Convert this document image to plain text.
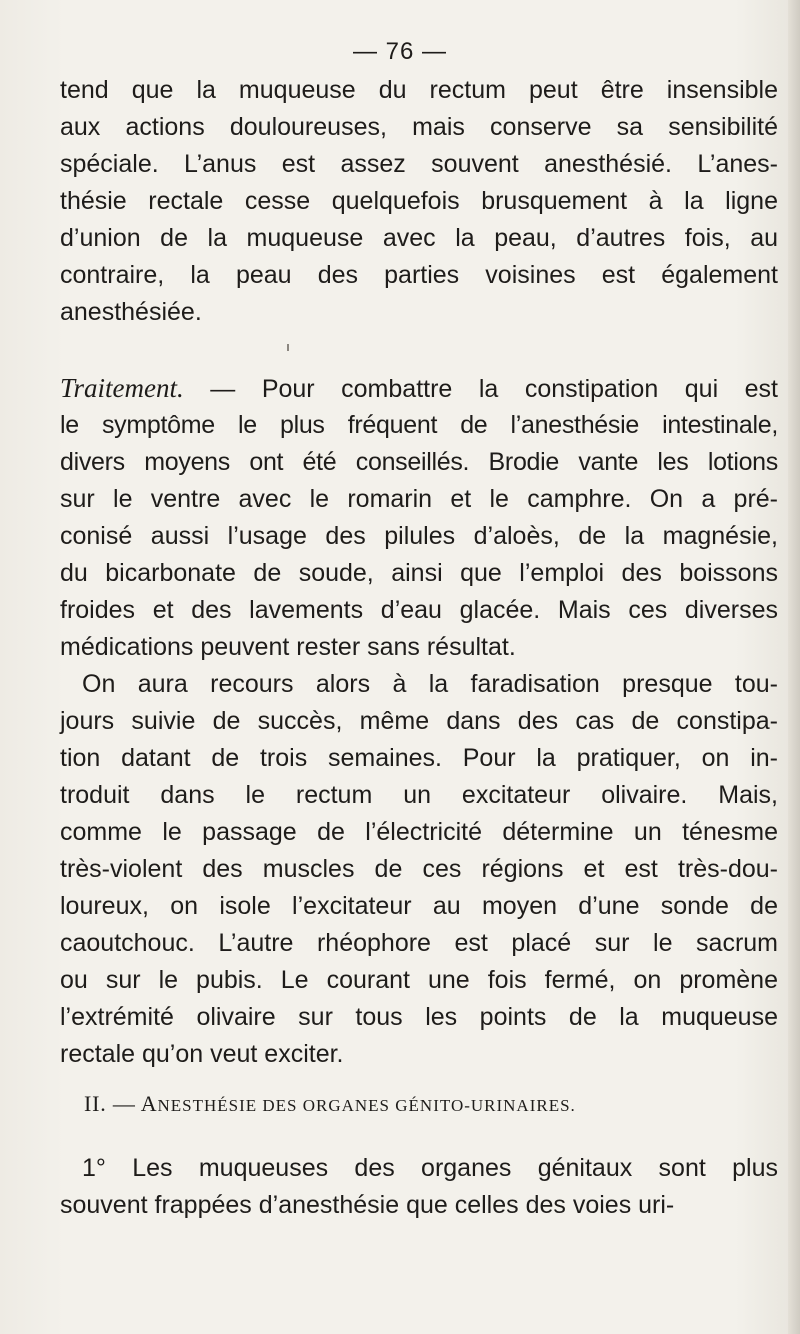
— 76 —
tend que la muqueuse du rectum peut être insensible
aux actions douloureuses, mais conserve sa sensibilité
spéciale. L’anus est assez souvent anesthésié. L’anes-
thésie rectale cesse quelquefois brusquement à la ligne
d’union de la muqueuse avec la peau, d’autres fois, au
contraire, la peau des parties voisines est également
anesthésiée.
Traitement. — Pour combattre la constipation qui est
le symptôme le plus fréquent de l’anesthésie intestinale,
divers moyens ont été conseillés. Brodie vante les lotions
sur le ventre avec le romarin et le camphre. On a pré-
conisé aussi l’usage des pilules d’aloès, de la magnésie,
du bicarbonate de soude, ainsi que l’emploi des boissons
froides et des lavements d’eau glacée. Mais ces diverses
médications peuvent rester sans résultat.
On aura recours alors à la faradisation presque tou-
jours suivie de succès, même dans des cas de constipa-
tion datant de trois semaines. Pour la pratiquer, on in-
troduit dans le rectum un excitateur olivaire. Mais,
comme le passage de l’électricité détermine un ténesme
très-violent des muscles de ces régions et est très-dou-
loureux, on isole l’excitateur au moyen d’une sonde de
caoutchouc. L’autre rhéophore est placé sur le sacrum
ou sur le pubis. Le courant une fois fermé, on promène
l’extrémité olivaire sur tous les points de la muqueuse
rectale qu’on veut exciter.
II. — ANESTHÉSIE DES ORGANES GÉNITO-URINAIRES.
1° Les muqueuses des organes génitaux sont plus
souvent frappées d’anesthésie que celles des voies uri-
